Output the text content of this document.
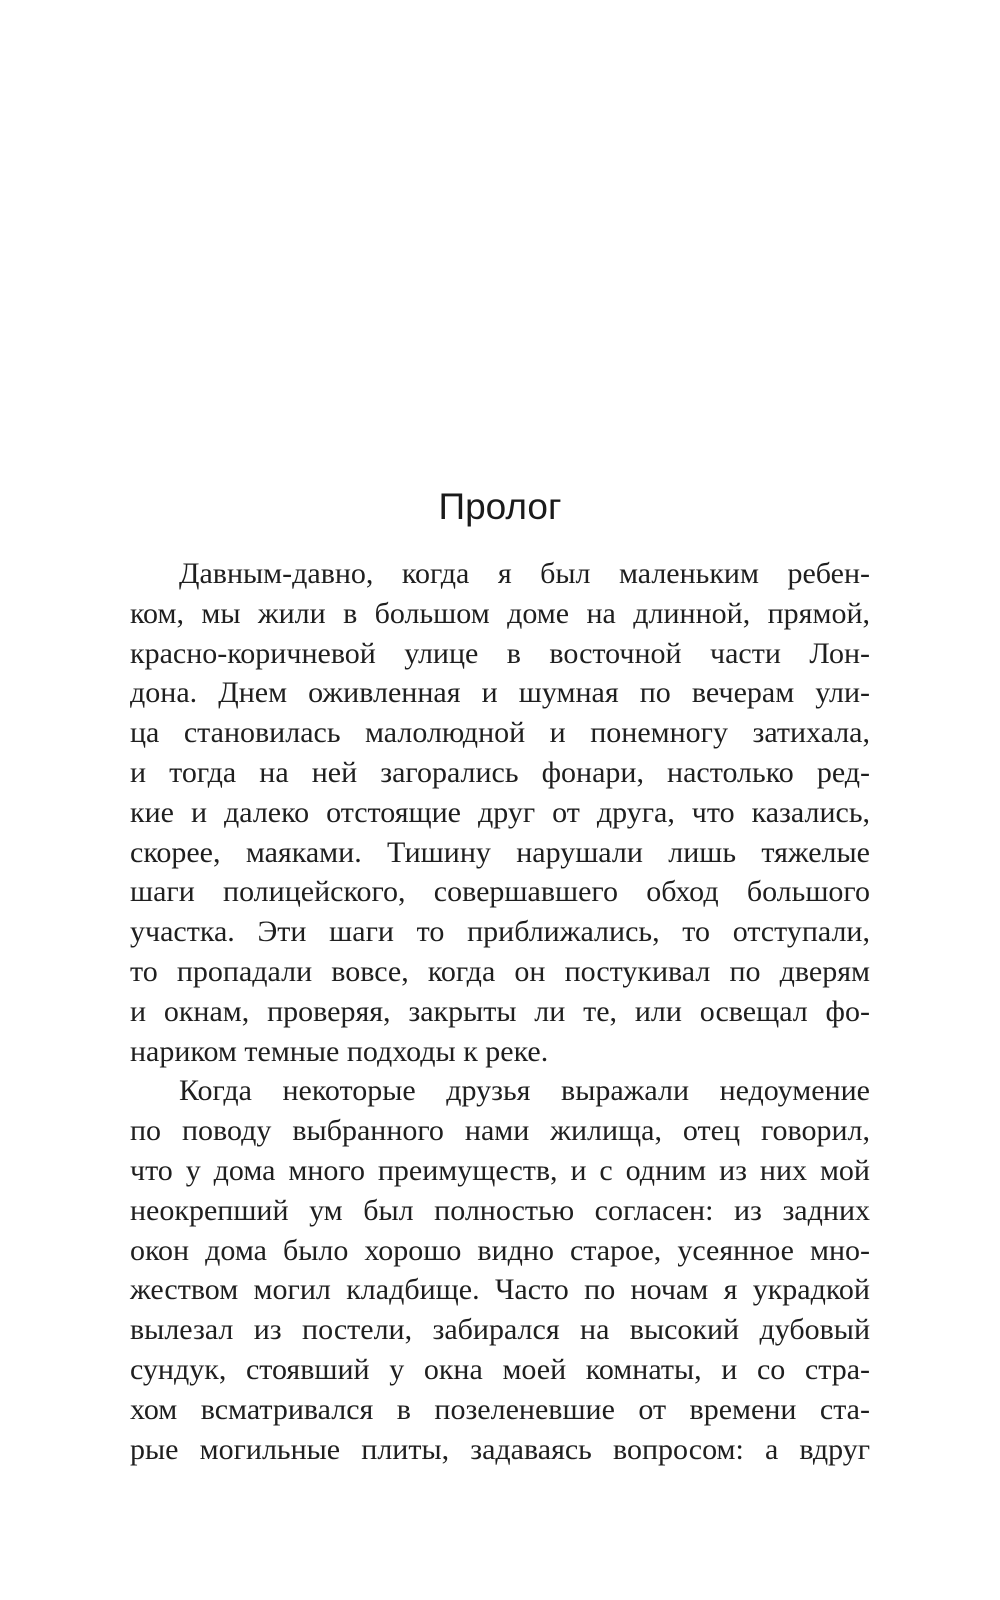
Пролог
Давным-давно, когда я был маленьким ребен-
ком, мы жили в большом доме на длинной, прямой,
красно-коричневой улице в восточной части Лон-
дона. Днем оживленная и шумная по вечерам ули-
ца становилась малолюдной и понемногу затихала,
и тогда на ней загорались фонари, настолько ред-
кие и далеко отстоящие друг от друга, что казались,
скорее, маяками. Тишину нарушали лишь тяжелые
шаги полицейского, совершавшего обход большого
участка. Эти шаги то приближались, то отступали,
то пропадали вовсе, когда он постукивал по дверям
и окнам, проверяя, закрыты ли те, или освещал фо-
нариком темные подходы к реке.
Когда некоторые друзья выражали недоумение
по поводу выбранного нами жилища, отец говорил,
что у дома много преимуществ, и с одним из них мой
неокрепший ум был полностью согласен: из задних
окон дома было хорошо видно старое, усеянное мно-
жеством могил кладбище. Часто по ночам я украдкой
вылезал из постели, забирался на высокий дубовый
сундук, стоявший у окна моей комнаты, и со стра-
хом всматривался в позеленевшие от времени ста-
рые могильные плиты, задаваясь вопросом: а вдруг
